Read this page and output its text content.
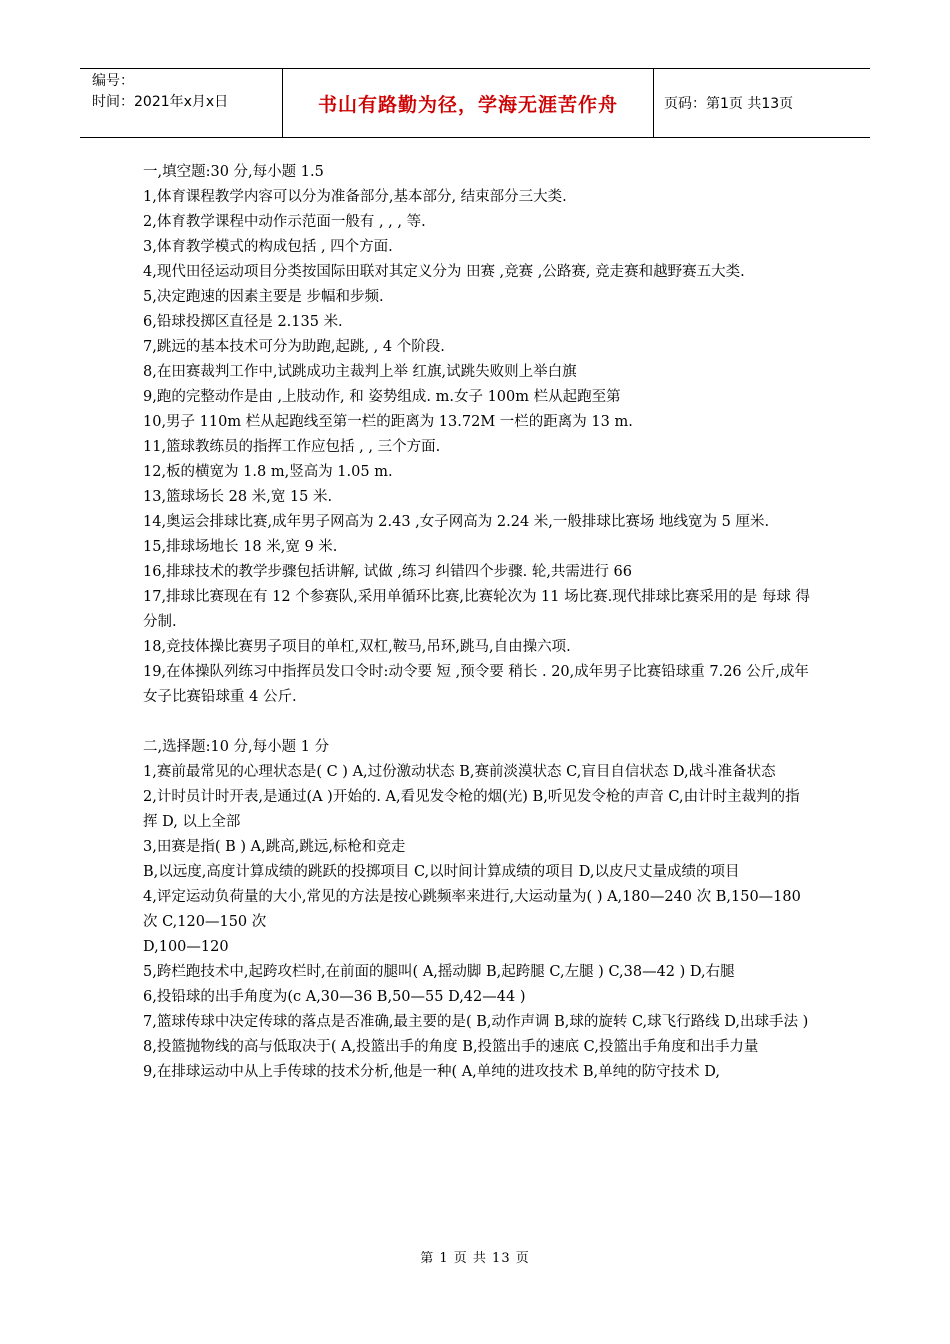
编号：
时间：2021年x月x日	书山有路勤为径，学海无涯苦作舟	页码：第1页 共13页

一,填空题:30 分,每小题 1.5

1,体育课程教学内容可以分为准备部分,基本部分, 结束部分三大类.

2,体育教学课程中动作示范面一般有 , , , 等.

3,体育教学模式的构成包括 , 四个方面.

4,现代田径运动项目分类按国际田联对其定义分为 田赛 ,竞赛 ,公路赛, 竞走赛和越野赛五大类.

5,决定跑速的因素主要是 步幅和步频.

6,铅球投掷区直径是 2.135 米.

7,跳远的基本技术可分为助跑,起跳, , 4 个阶段.

8,在田赛裁判工作中,试跳成功主裁判上举 红旗,试跳失败则上举白旗

9,跑的完整动作是由 ,上肢动作, 和 姿势组成. m.女子 100m 栏从起跑至第

10,男子 110m 栏从起跑线至第一栏的距离为 13.72M 一栏的距离为 13 m.

11,篮球教练员的指挥工作应包括 , , 三个方面.

12,板的横宽为 1.8 m,竖高为 1.05 m.

13,篮球场长 28 米,宽 15 米.

14,奥运会排球比赛,成年男子网高为 2.43 ,女子网高为 2.24 米,一般排球比赛场 地线宽为 5 厘米.

15,排球场地长 18 米,宽 9 米.

16,排球技术的教学步骤包括讲解, 试做 ,练习 纠错四个步骤. 轮,共需进行 66

17,排球比赛现在有 12 个参赛队,采用单循环比赛,比赛轮次为 11 场比赛.现代排球比赛采用的是 每球 得分制.

18,竞技体操比赛男子项目的单杠,双杠,鞍马,吊环,跳马,自由操六项.

19,在体操队列练习中指挥员发口令时:动令要 短 ,预令要 稍长 . 20,成年男子比赛铅球重 7.26 公斤,成年女子比赛铅球重 4 公斤.

二,选择题:10 分,每小题 1 分

1,赛前最常见的心理状态是( C ) A,过份激动状态 B,赛前淡漠状态 C,盲目自信状态 D,战斗准备状态

2,计时员计时开表,是通过(A )开始的. A,看见发令枪的烟(光) B,听见发令枪的声音 C,由计时主裁判的指挥 D, 以上全部

3,田赛是指( B ) A,跳高,跳远,标枪和竞走

B,以远度,高度计算成绩的跳跃的投掷项目 C,以时间计算成绩的项目 D,以皮尺丈量成绩的项目

4,评定运动负荷量的大小,常见的方法是按心跳频率来进行,大运动量为( ) A,180—240 次 B,150—180 次 C,120—150 次

D,100—120

5,跨栏跑技术中,起跨攻栏时,在前面的腿叫( A,摇动脚 B,起跨腿 C,左腿 ) C,38—42 ) D,右腿

6,投铅球的出手角度为(c A,30—36 B,50—55 D,42—44 )

7,篮球传球中决定传球的落点是否准确,最主要的是( B,动作声调 B,球的旋转 C,球飞行路线 D,出球手法 )

8,投篮抛物线的高与低取决于( A,投篮出手的角度 B,投篮出手的速底 C,投篮出手角度和出手力量

9,在排球运动中从上手传球的技术分析,他是一种( A,单纯的进攻技术 B,单纯的防守技术 D,

第 1 页 共 13 页
